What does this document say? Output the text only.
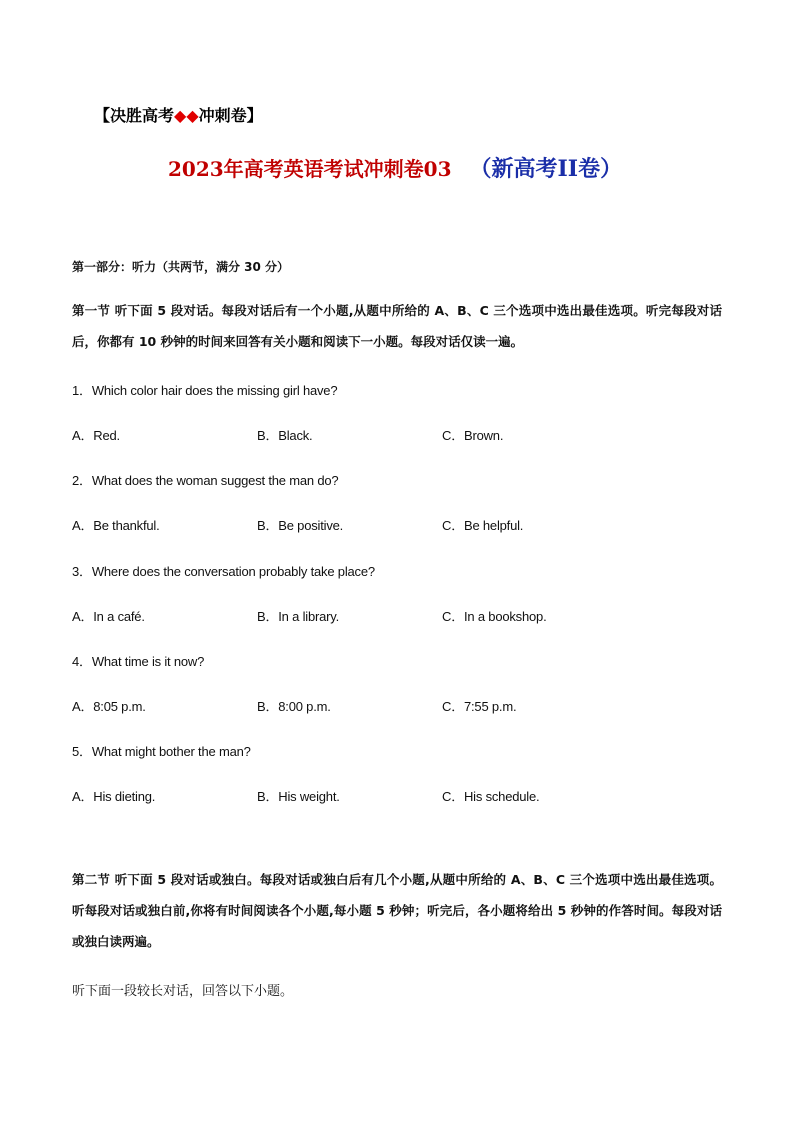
【决胜高考◆◆冲刺卷】
2023年高考英语考试冲刺卷03 （新高考II卷）
第一部分：听力（共两节，满分 30 分）
第一节 听下面 5 段对话。每段对话后有一个小题,从题中所给的 A、B、C 三个选项中选出最佳选项。听完每段对话后，你都有 10 秒钟的时间来回答有关小题和阅读下一小题。每段对话仅读一遍。
1．Which color hair does the missing girl have?
A．Red.	B．Black.	C．Brown.
2．What does the woman suggest the man do?
A．Be thankful.	B．Be positive.	C．Be helpful.
3．Where does the conversation probably take place?
A．In a café.	B．In a library.	C．In a bookshop.
4．What time is it now?
A．8:05 p.m.	B．8:00 p.m.	C．7:55 p.m.
5．What might bother the man?
A．His dieting.	B．His weight.	C．His schedule.
第二节 听下面 5 段对话或独白。每段对话或独白后有几个小题,从题中所给的 A、B、C 三个选项中选出最佳选项。听每段对话或独白前,你将有时间阅读各个小题,每小题 5 秒钟；听完后，各小题将给出 5 秒钟的作答时间。每段对话或独白读两遍。
听下面一段较长对话，回答以下小题。
